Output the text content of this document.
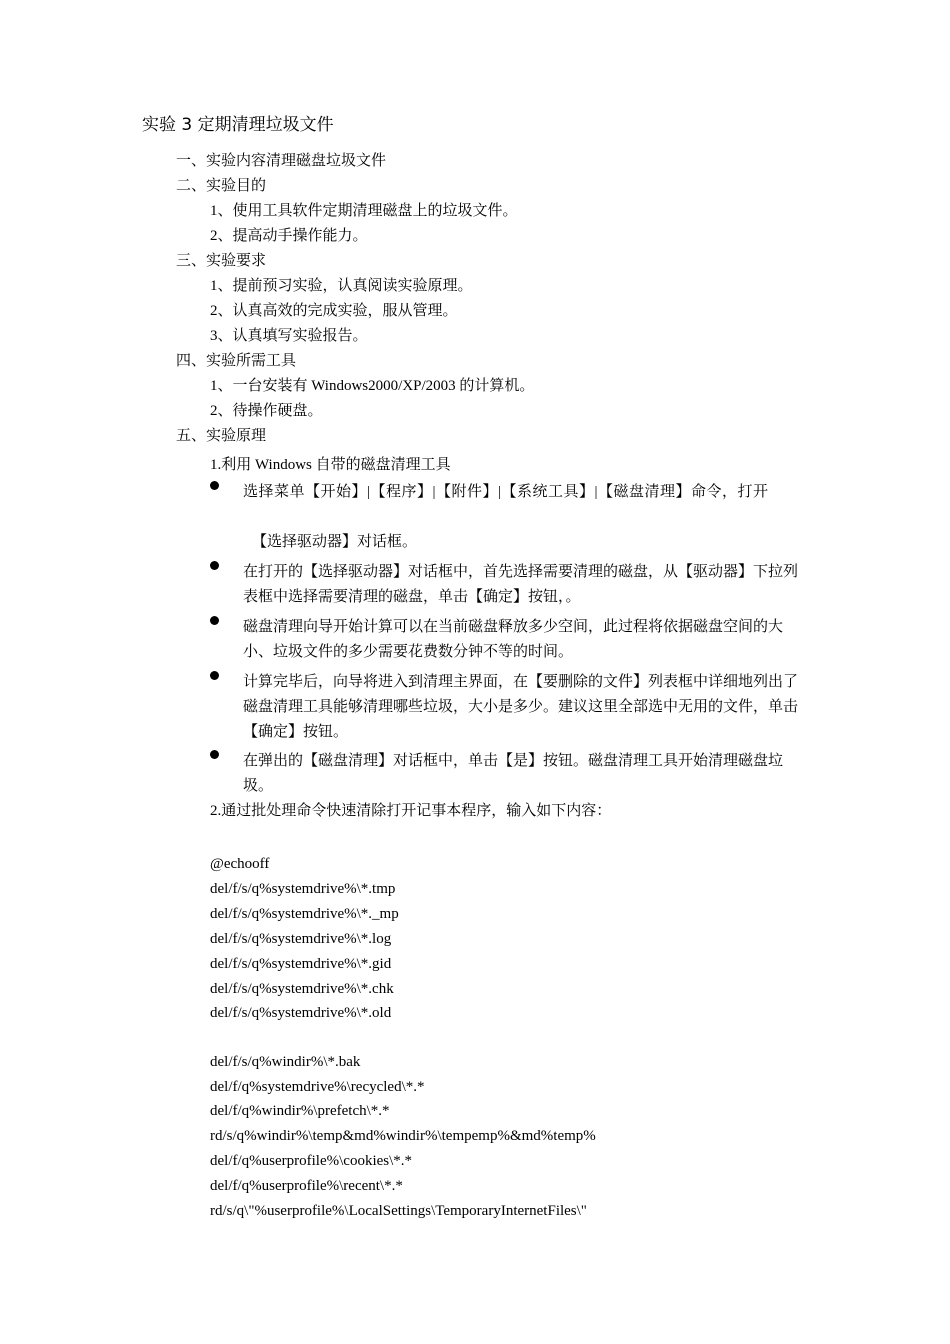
实验 3 定期清理垃圾文件
一、实验内容清理磁盘垃圾文件
二、实验目的
1、使用工具软件定期清理磁盘上的垃圾文件。
2、提高动手操作能力。
三、实验要求
1、提前预习实验，认真阅读实验原理。
2、认真高效的完成实验，服从管理。
3、认真填写实验报告。
四、实验所需工具
1、一台安装有 Windows2000/XP/2003 的计算机。
2、待操作硬盘。
五、实验原理
1.利用 Windows 自带的磁盘清理工具
选择菜单【开始】|【程序】|【附件】|【系统工具】|【磁盘清理】命令，打开
【选择驱动器】对话框。
在打开的【选择驱动器】对话框中，首先选择需要清理的磁盘，从【驱动器】下拉列表框中选择需要清理的磁盘，单击【确定】按钮，。
磁盘清理向导开始计算可以在当前磁盘释放多少空间，此过程将依据磁盘空间的大小、垃圾文件的多少需要花费数分钟不等的时间。
计算完毕后，向导将进入到清理主界面，在【要删除的文件】列表框中详细地列出了磁盘清理工具能够清理哪些垃圾，大小是多少。建议这里全部选中无用的文件，单击【确定】按钮。
在弹出的【磁盘清理】对话框中，单击【是】按钮。磁盘清理工具开始清理磁盘垃圾。
2.通过批处理命令快速清除打开记事本程序，输入如下内容：
@echooff
del/f/s/q%systemdrive%\*.tmp
del/f/s/q%systemdrive%\*._mp
del/f/s/q%systemdrive%\*.log
del/f/s/q%systemdrive%\*.gid
del/f/s/q%systemdrive%\*.chk
del/f/s/q%systemdrive%\*.old
del/f/s/q%windir%\*.bak
del/f/q%systemdrive%\recycled\*.*
del/f/q%windir%\prefetch\*.*
rd/s/q%windir%\temp&md%windir%\tempemp%&md%temp%
del/f/q%userprofile%\cookies\*.*
del/f/q%userprofile%\recent\*.*
rd/s/q\"%userprofile%\LocalSettings\TemporaryInternetFiles\"
